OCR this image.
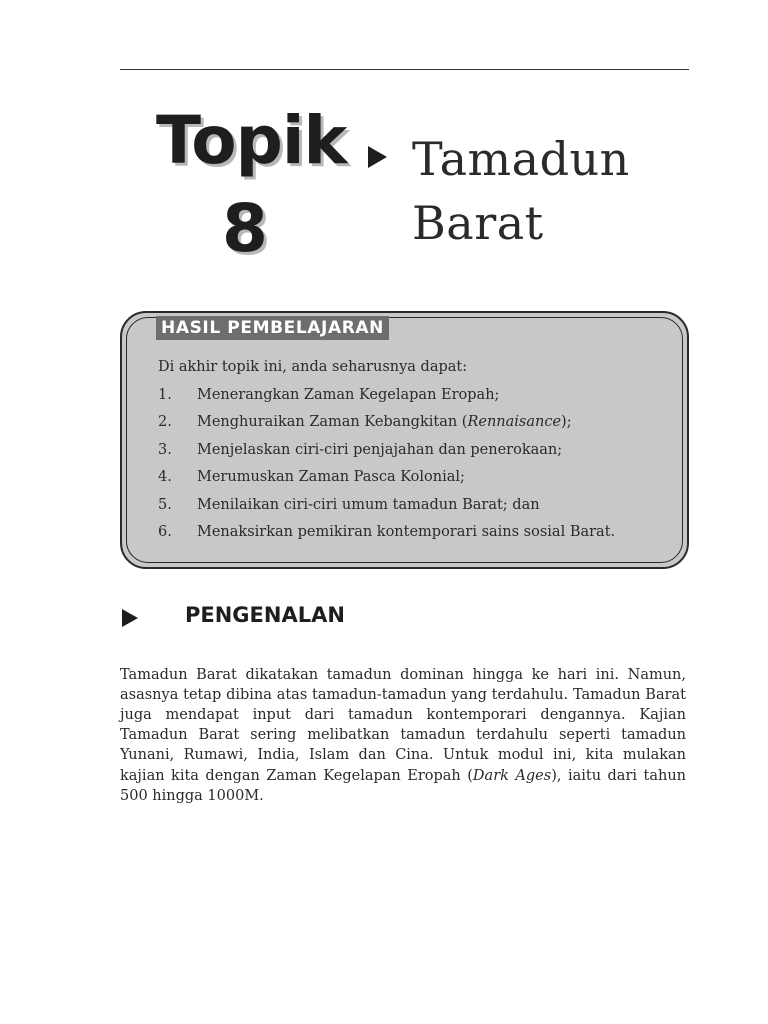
Topik
8
Tamadun
Barat
HASIL PEMBELAJARAN
Di akhir topik ini, anda seharusnya dapat:
1.	Menerangkan Zaman Kegelapan Eropah;
2.	Menghuraikan Zaman Kebangkitan (Rennaisance);
3.	Menjelaskan ciri-ciri penjajahan dan penerokaan;
4.	Merumuskan Zaman Pasca Kolonial;
5.	Menilaikan ciri-ciri umum tamadun Barat; dan
6.	Menaksirkan pemikiran kontemporari sains sosial Barat.
PENGENALAN

Tamadun Barat dikatakan tamadun dominan hingga ke hari ini. Namun, asasnya tetap dibina atas tamadun-tamadun yang terdahulu. Tamadun Barat juga mendapat input dari tamadun kontemporari dengannya. Kajian Tamadun Barat sering melibatkan tamadun terdahulu seperti tamadun Yunani, Rumawi, India, Islam dan Cina. Untuk modul ini, kita mulakan kajian kita dengan Zaman Kegelapan Eropah (Dark Ages), iaitu dari tahun 500 hingga 1000M.
